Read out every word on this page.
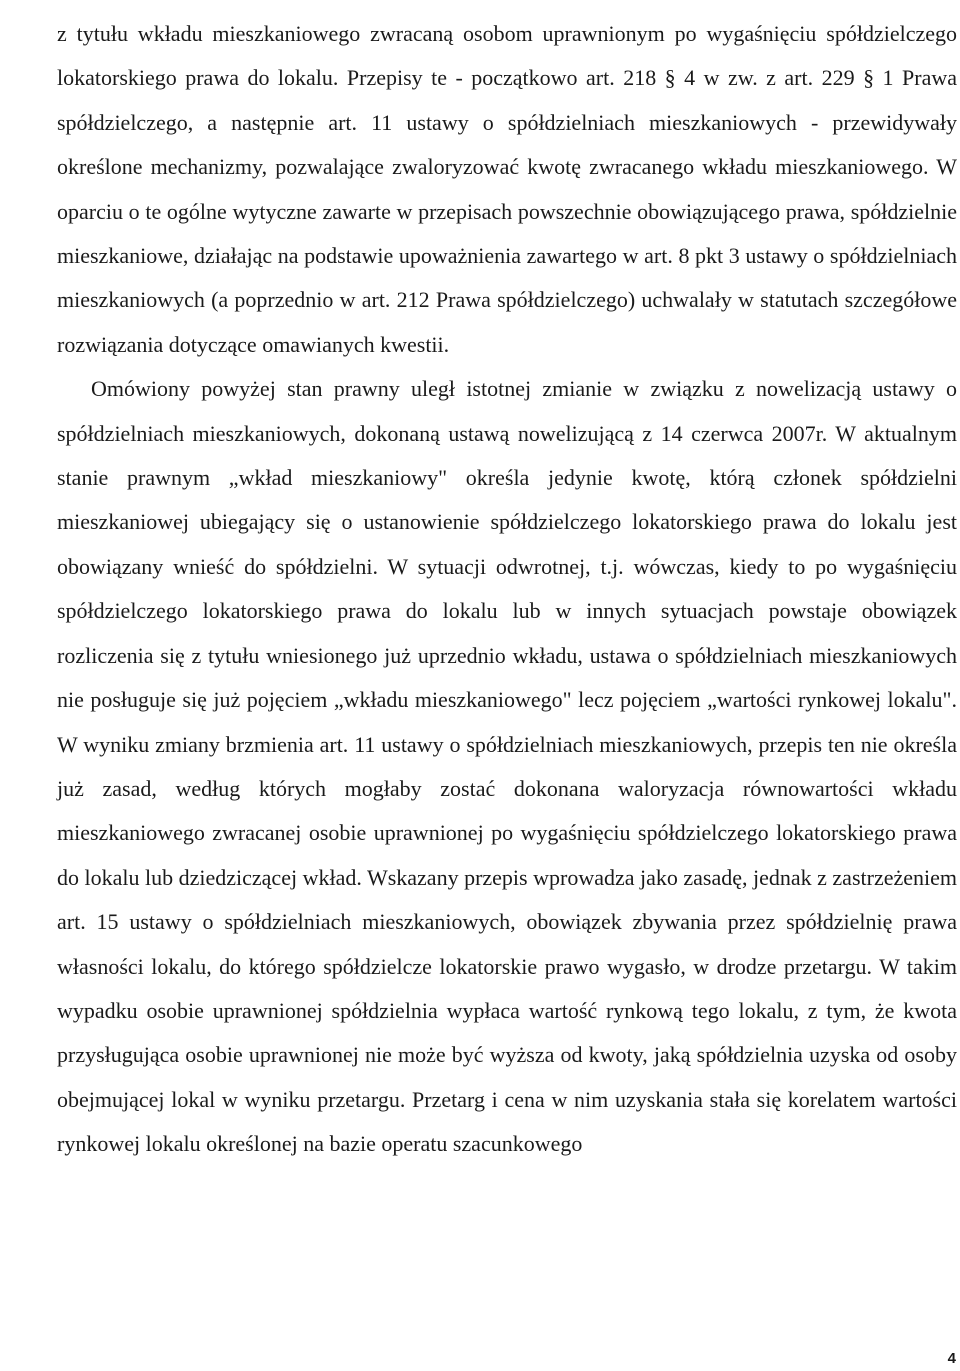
z tytułu wkładu mieszkaniowego zwracaną osobom uprawnionym po wygaśnięciu spółdzielczego lokatorskiego prawa do lokalu. Przepisy te - początkowo art. 218 § 4 w zw. z art. 229 § 1 Prawa spółdzielczego, a następnie art. 11 ustawy o spółdzielniach mieszkaniowych - przewidywały określone mechanizmy, pozwalające zwaloryzować kwotę zwracanego wkładu mieszkaniowego. W oparciu o te ogólne wytyczne zawarte w przepisach powszechnie obowiązującego prawa, spółdzielnie mieszkaniowe, działając na podstawie upoważnienia zawartego w art. 8 pkt 3 ustawy o spółdzielniach mieszkaniowych (a poprzednio w art. 212 Prawa spółdzielczego) uchwalały w statutach szczegółowe rozwiązania dotyczące omawianych kwestii.

Omówiony powyżej stan prawny uległ istotnej zmianie w związku z nowelizacją ustawy o spółdzielniach mieszkaniowych, dokonaną ustawą nowelizującą z 14 czerwca 2007r. W aktualnym stanie prawnym „wkład mieszkaniowy" określa jedynie kwotę, którą członek spółdzielni mieszkaniowej ubiegający się o ustanowienie spółdzielczego lokatorskiego prawa do lokalu jest obowiązany wnieść do spółdzielni. W sytuacji odwrotnej, t.j. wówczas, kiedy to po wygaśnięciu spółdzielczego lokatorskiego prawa do lokalu lub w innych sytuacjach powstaje obowiązek rozliczenia się z tytułu wniesionego już uprzednio wkładu, ustawa o spółdzielniach mieszkaniowych nie posługuje się już pojęciem „wkładu mieszkaniowego" lecz pojęciem „wartości rynkowej lokalu". W wyniku zmiany brzmienia art. 11 ustawy o spółdzielniach mieszkaniowych, przepis ten nie określa już zasad, według których mogłaby zostać dokonana waloryzacja równowartości wkładu mieszkaniowego zwracanej osobie uprawnionej po wygaśnięciu spółdzielczego lokatorskiego prawa do lokalu lub dziedziczącej wkład. Wskazany przepis wprowadza jako zasadę, jednak z zastrzeżeniem art. 15 ustawy o spółdzielniach mieszkaniowych, obowiązek zbywania przez spółdzielnię prawa własności lokalu, do którego spółdzielcze lokatorskie prawo wygasło, w drodze przetargu. W takim wypadku osobie uprawnionej spółdzielnia wypłaca wartość rynkową tego lokalu, z tym, że kwota przysługująca osobie uprawnionej nie może być wyższa od kwoty, jaką spółdzielnia uzyska od osoby obejmującej lokal w wyniku przetargu. Przetarg i cena w nim uzyskania stała się korelatem wartości rynkowej lokalu określonej na bazie operatu szacunkowego

4
